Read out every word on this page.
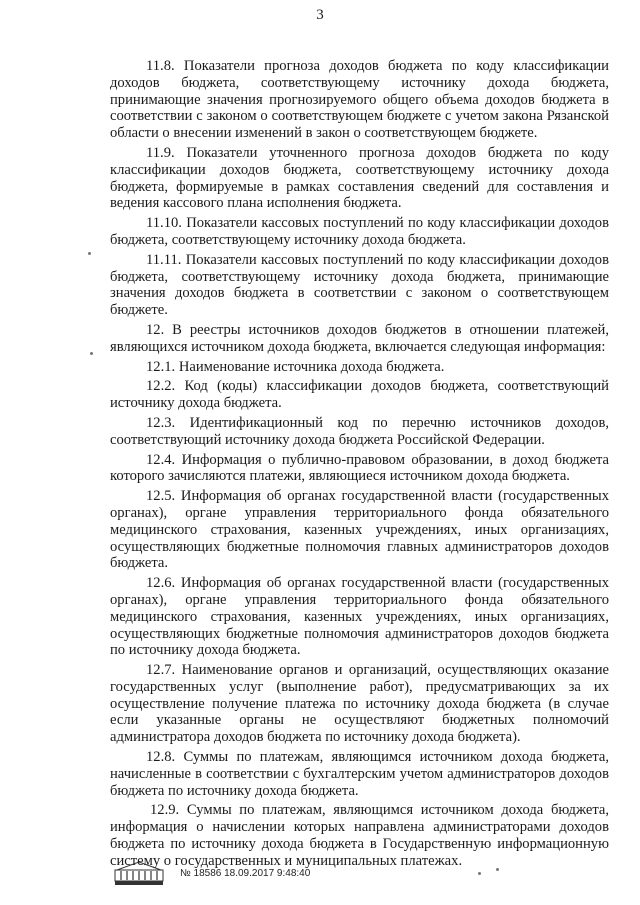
3

11.8. Показатели прогноза доходов бюджета по коду классификации доходов бюджета, соответствующему источнику дохода бюджета, принимающие значения прогнозируемого общего объема доходов бюджета в соответствии с законом о соответствующем бюджете с учетом закона Рязанской области о внесении изменений в закон о соответствующем бюджете.

11.9. Показатели уточненного прогноза доходов бюджета по коду классификации доходов бюджета, соответствующему источнику дохода бюджета, формируемые в рамках составления сведений для составления и ведения кассового плана исполнения бюджета.

11.10. Показатели кассовых поступлений по коду классификации доходов бюджета, соответствующему источнику дохода бюджета.

11.11. Показатели кассовых поступлений по коду классификации доходов бюджета, соответствующему источнику дохода бюджета, принимающие значения доходов бюджета в соответствии с законом о соответствующем бюджете.

12. В реестры источников доходов бюджетов в отношении платежей, являющихся источником дохода бюджета, включается следующая информация:

12.1. Наименование источника дохода бюджета.

12.2. Код (коды) классификации доходов бюджета, соответствующий источнику дохода бюджета.

12.3. Идентификационный код по перечню источников доходов, соответствующий источнику дохода бюджета Российской Федерации.

12.4. Информация о публично-правовом образовании, в доход бюджета которого зачисляются платежи, являющиеся источником дохода бюджета.

12.5. Информация об органах государственной власти (государственных органах), органе управления территориального фонда обязательного медицинского страхования, казенных учреждениях, иных организациях, осуществляющих бюджетные полномочия главных администраторов доходов бюджета.

12.6. Информация об органах государственной власти (государственных органах), органе управления территориального фонда обязательного медицинского страхования, казенных учреждениях, иных организациях, осуществляющих бюджетные полномочия администраторов доходов бюджета по источнику дохода бюджета.

12.7. Наименование органов и организаций, осуществляющих оказание государственных услуг (выполнение работ), предусматривающих за их осуществление получение платежа по источнику дохода бюджета (в случае если указанные органы не осуществляют бюджетных полномочий администратора доходов бюджета по источнику дохода бюджета).

12.8. Суммы по платежам, являющимся источником дохода бюджета, начисленные в соответствии с бухгалтерским учетом администраторов доходов бюджета по источнику дохода бюджета.

12.9. Суммы по платежам, являющимся источником дохода бюджета, информация о начислении которых направлена администраторами доходов бюджета по источнику дохода бюджета в Государственную информационную систему о государственных и муниципальных платежах.

№ 18586 18.09.2017 9:48:40
